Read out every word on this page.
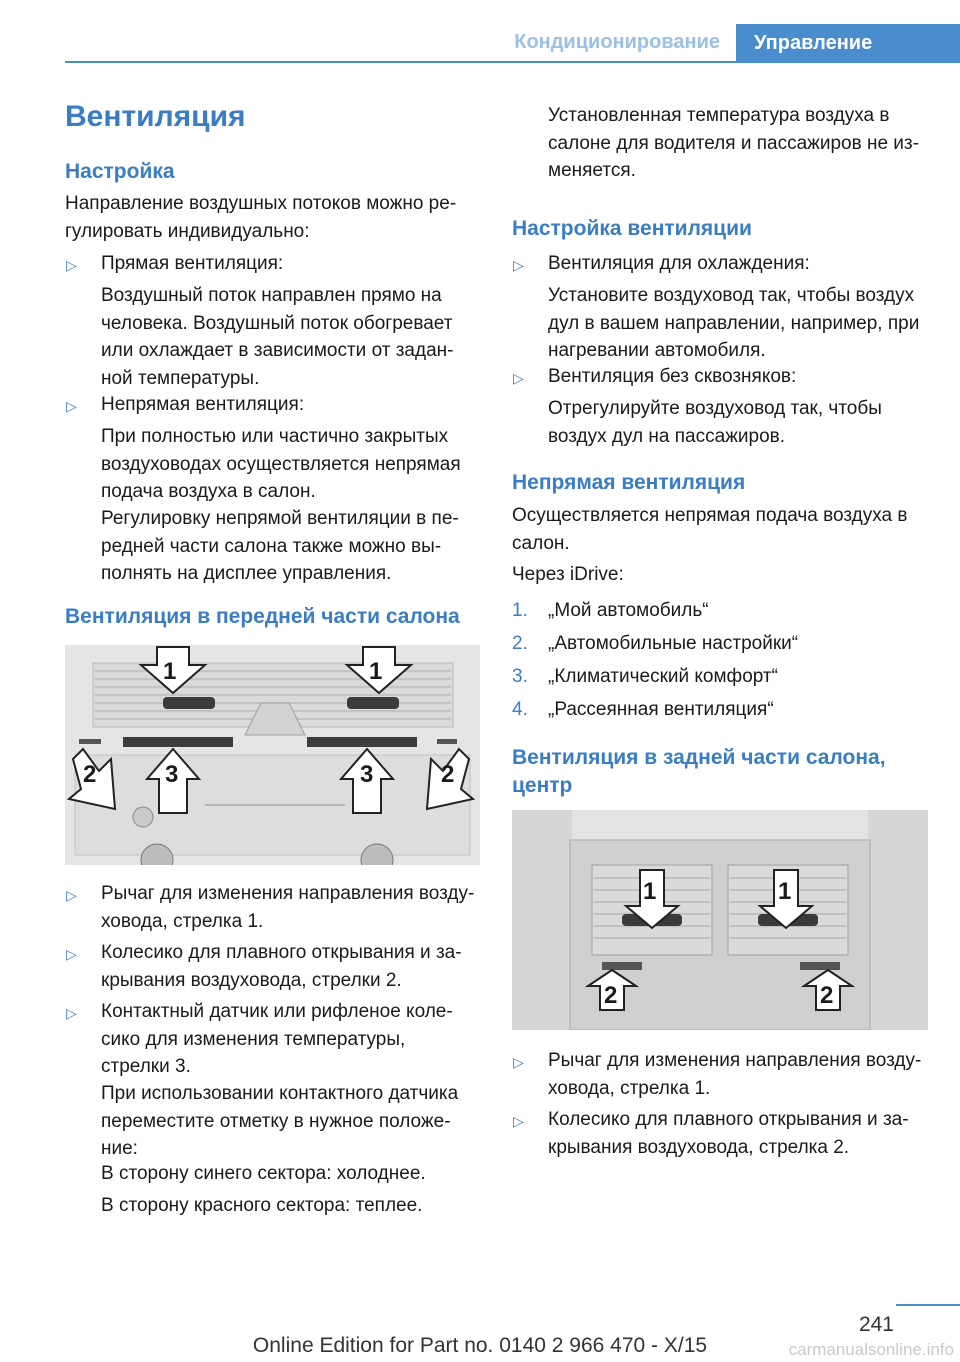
Кондиционирование	Управление
Вентиляция
Настройка
Направление воздушных потоков можно ре-
гулировать индивидуально:
▷ Прямая вентиляция:
Воздушный поток направлен прямо на
человека. Воздушный поток обогревает
или охлаждает в зависимости от задан-
ной температуры.
▷ Непрямая вентиляция:
При полностью или частично закрытых
воздуховодах осуществляется непрямая
подача воздуха в салон.
Регулировку непрямой вентиляции в пе-
редней части салона также можно вы-
полнять на дисплее управления.
Вентиляция в передней части салона
1	1
2	3	3	2
▷ Рычаг для изменения направления возду-
ховода, стрелка 1.
▷ Колесико для плавного открывания и за-
крывания воздуховода, стрелки 2.
▷ Контактный датчик или рифленое коле-
сико для изменения температуры,
стрелки 3.
При использовании контактного датчика
переместите отметку в нужное положе-
ние:
В сторону синего сектора: холоднее.
В сторону красного сектора: теплее.
Установленная температура воздуха в
салоне для водителя и пассажиров не из-
меняется.
Настройка вентиляции
▷ Вентиляция для охлаждения:
Установите воздуховод так, чтобы воздух
дул в вашем направлении, например, при
нагревании автомобиля.
▷ Вентиляция без сквозняков:
Отрегулируйте воздуховод так, чтобы
воздух дул на пассажиров.
Непрямая вентиляция
Осуществляется непрямая подача воздуха в
салон.
Через iDrive:
1. „Мой автомобиль“
2. „Автомобильные настройки“
3. „Климатический комфорт“
4. „Рассеянная вентиляция“
Вентиляция в задней части салона,
центр
1	1
2	2
▷ Рычаг для изменения направления возду-
ховода, стрелка 1.
▷ Колесико для плавного открывания и за-
крывания воздуховода, стрелка 2.
241
Online Edition for Part no. 0140 2 966 470 - X/15	carmanualsonline.info
